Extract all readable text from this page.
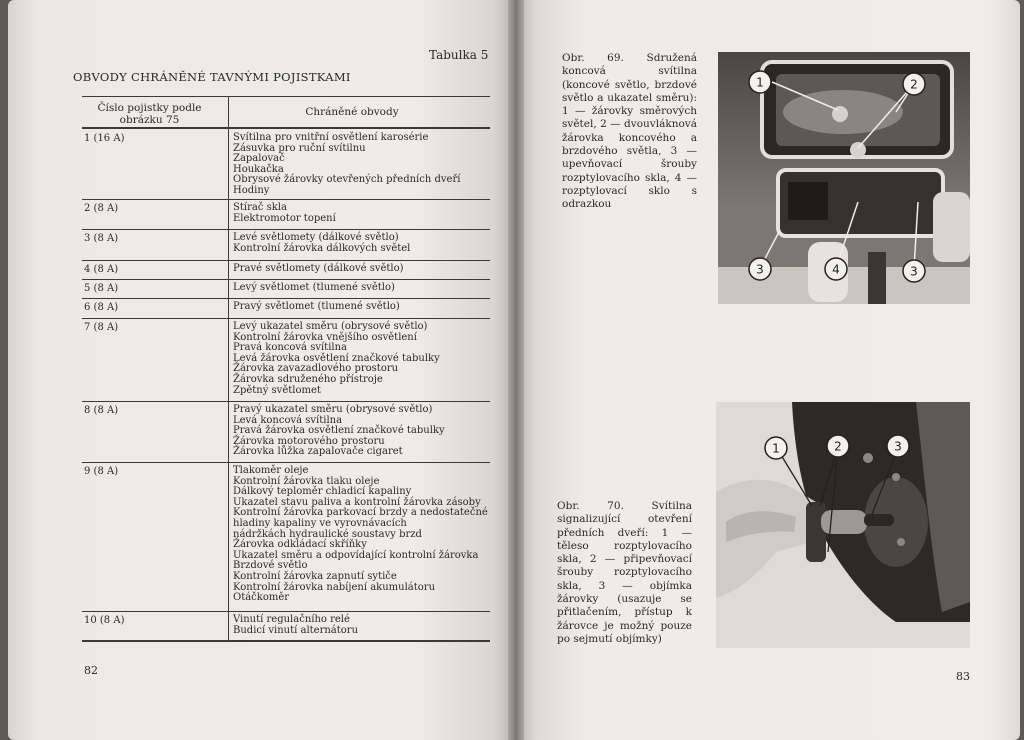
Tabulka 5
OBVODY CHRÁNĚNÉ TAVNÝMI POJISTKAMI
Číslo pojistky podle
obrázku 75
Chráněné obvody
1 (16 A)	Svítilna pro vnitřní osvětlení karosérie
Zásuvka pro ruční svítilnu
Zapalovač
Houkačka
Obrysové žárovky otevřených předních dveří
Hodiny
2 (8 A)	Stírač skla
Elektromotor topení
3 (8 A)	Levé světlomety (dálkové světlo)
Kontrolní žárovka dálkových světel
4 (8 A)	Pravé světlomety (dálkové světlo)
5 (8 A)	Levý světlomet (tlumené světlo)
6 (8 A)	Pravý světlomet (tlumené světlo)
7 (8 A)	Levý ukazatel směru (obrysové světlo)
Kontrolní žárovka vnějšího osvětlení
Pravá koncová svítilna
Levá žárovka osvětlení značkové tabulky
Žárovka zavazadlového prostoru
Žárovka sdruženého přístroje
Zpětný světlomet
8 (8 A)	Pravý ukazatel směru (obrysové světlo)
Levá koncová svítilna
Pravá žárovka osvětlení značkové tabulky
Žárovka motorového prostoru
Žárovka lůžka zapalovače cigaret
9 (8 A)	Tlakoměr oleje
Kontrolní žárovka tlaku oleje
Dálkový teploměr chladicí kapaliny
Ukazatel stavu paliva a kontrolní žárovka zásoby
Kontrolní žárovka parkovací brzdy a nedostatečné
hladiny kapaliny ve vyrovnávacích
nádržkách hydraulické soustavy brzd
Žárovka odkládací skříňky
Ukazatel směru a odpovídající kontrolní žárovka
Brzdové světlo
Kontrolní žárovka zapnutí sytiče
Kontrolní žárovka nabíjení akumulátoru
Otáčkoměr
10 (8 A)	Vinutí regulačního relé
Budicí vinutí alternátoru
82
Obr. 69. Sdružená koncová svítilna (koncové světlo, brzdové světlo a ukazatel směru): 1 — žárovky směrových světel, 2 — dvouvláknová žárovka koncového a brzdového světla, 3 — upevňovací šrouby rozptylovacího skla, 4 — rozptylovací sklo s odrazkou
1	2
3	4	3
Obr. 70. Svítilna signalizující otevření předních dveří: 1 — těleso rozptylovacího skla, 2 — připevňovací šrouby rozptylovacího skla, 3 — objímka žárovky (usazuje se přitlačením, přístup k žárovce je možný pouze po sejmutí objímky)
1	2	3
83
